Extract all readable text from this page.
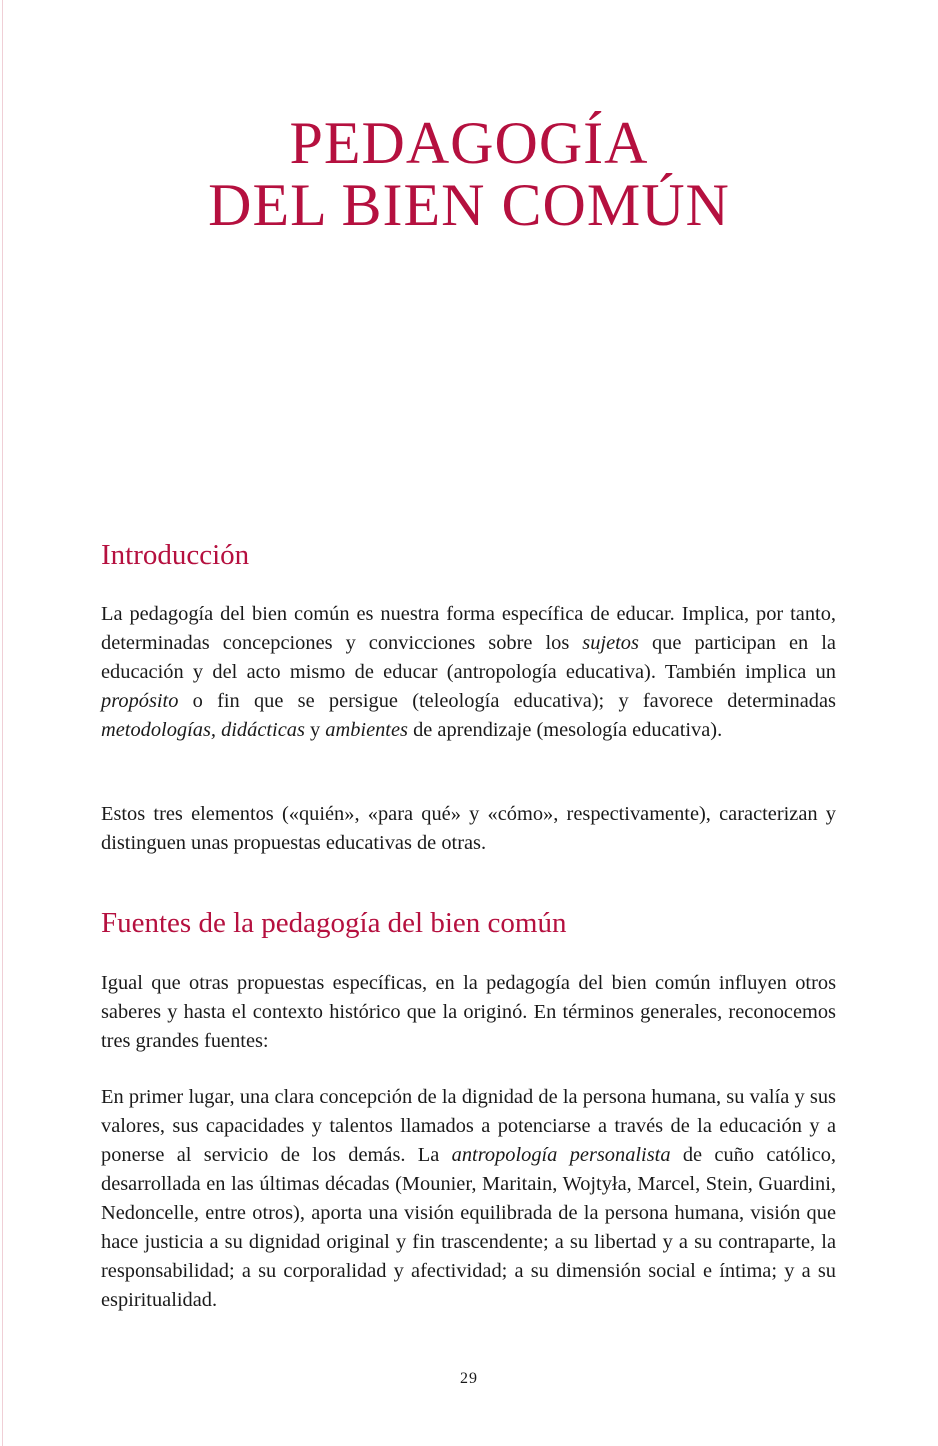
PEDAGOGÍA
DEL BIEN COMÚN
Introducción

La pedagogía del bien común es nuestra forma específica de educar. Implica, por tanto, determinadas concepciones y convicciones sobre los sujetos que participan en la educación y del acto mismo de educar (antropología educativa). También implica un propósito o fin que se persigue (teleología educativa); y favorece determinadas metodologías, didácticas y ambientes de aprendizaje (mesología educativa).

Estos tres elementos («quién», «para qué» y «cómo», respectivamente), caracterizan y distinguen unas propuestas educativas de otras.

Fuentes de la pedagogía del bien común

Igual que otras propuestas específicas, en la pedagogía del bien común influyen otros saberes y hasta el contexto histórico que la originó. En términos generales, reconocemos tres grandes fuentes:

En primer lugar, una clara concepción de la dignidad de la persona humana, su valía y sus valores, sus capacidades y talentos llamados a potenciarse a través de la educación y a ponerse al servicio de los demás. La antropología personalista de cuño católico, desarrollada en las últimas décadas (Mounier, Maritain, Wojtyła, Marcel, Stein, Guardini, Nedoncelle, entre otros), aporta una visión equilibrada de la persona humana, visión que hace justicia a su dignidad original y fin trascendente; a su libertad y a su contraparte, la responsabilidad; a su corporalidad y afectividad; a su dimensión social e íntima; y a su espiritualidad.

29
